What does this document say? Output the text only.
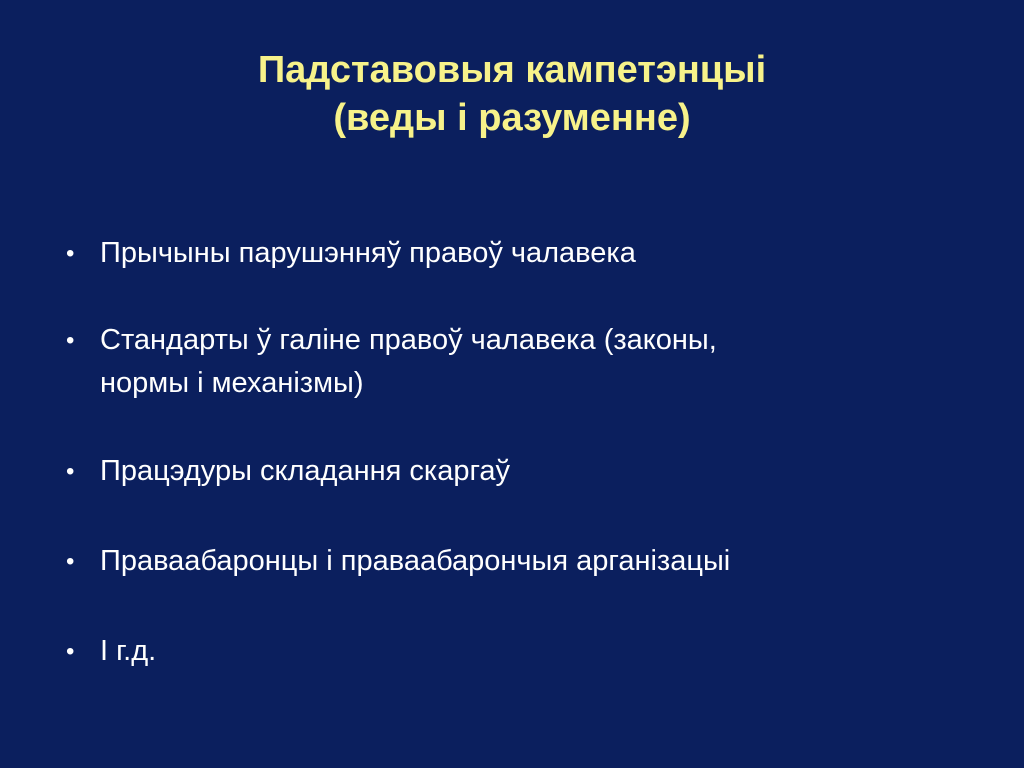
Падставовыя кампетэнцыі
(веды і разуменне)
• Прычыны парушэнняў правоў чалавека
• Стандарты ў галіне правоў чалавека (законы,
нормы і механізмы)
• Працэдуры складання скаргаў
• Праваабаронцы і праваабарончыя арганізацыі
• І г.д.
